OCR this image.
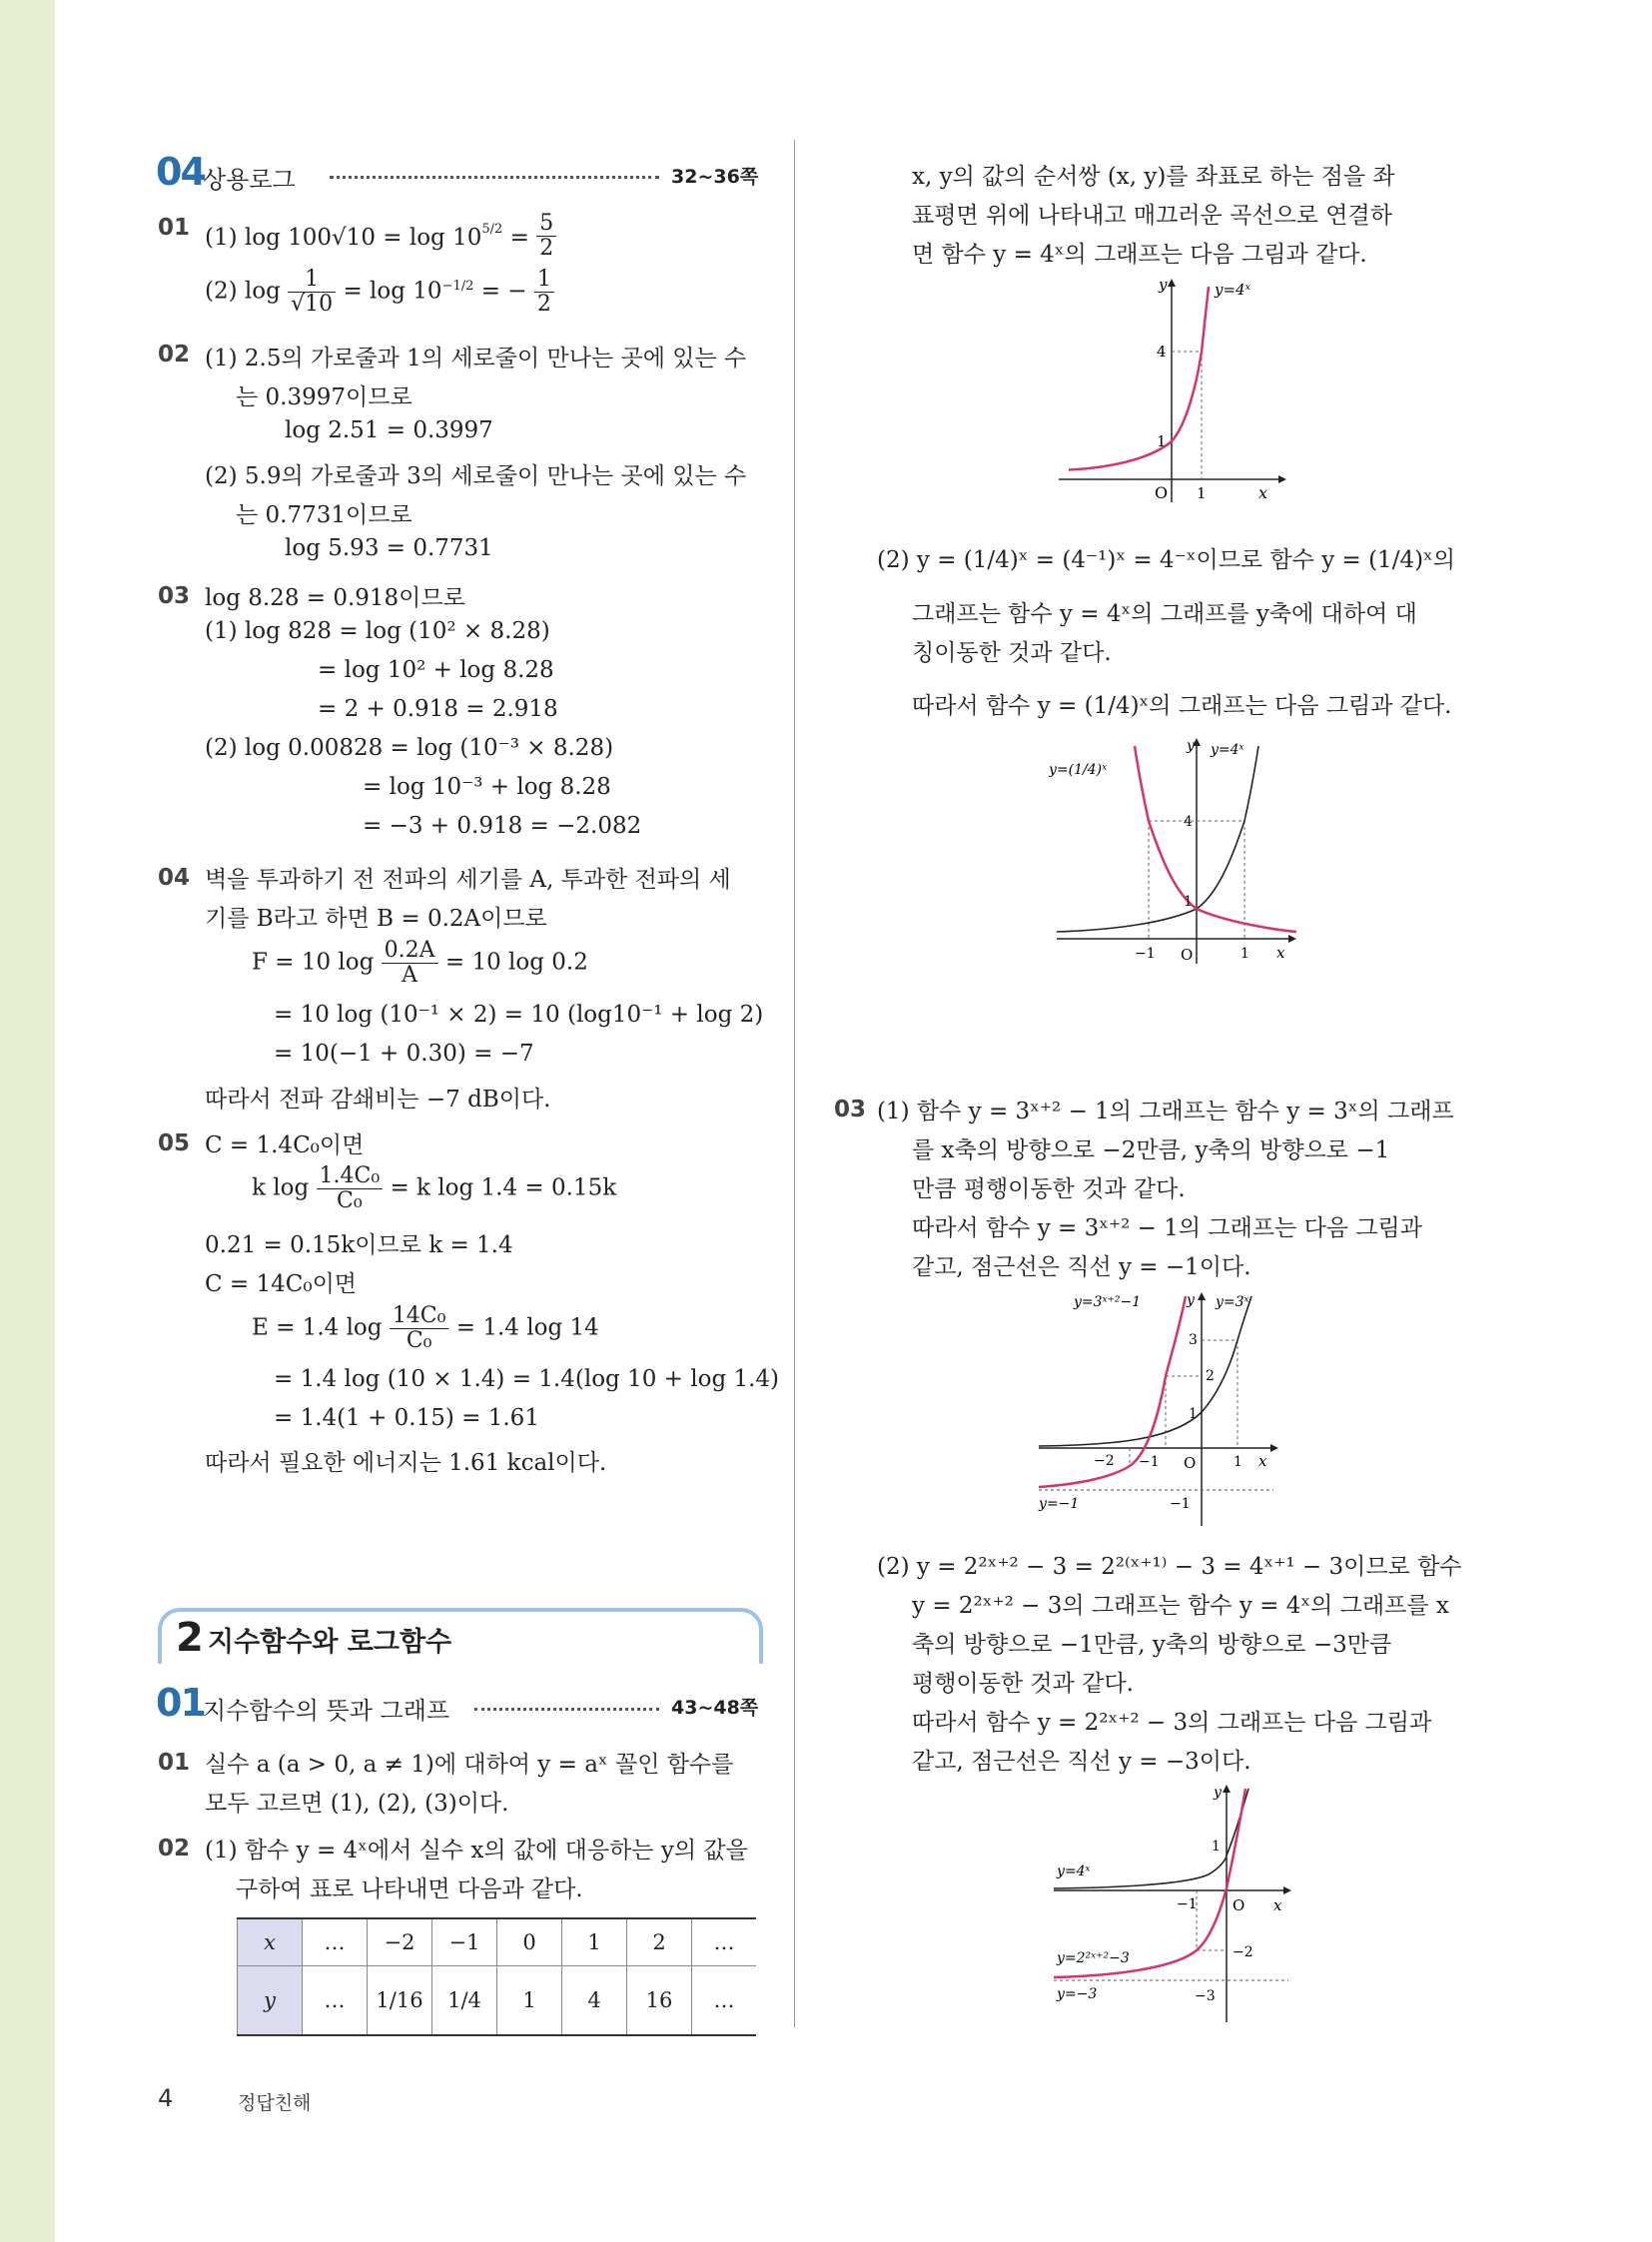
04
상용로그	32~36쪽
01 (1) $\log 100√10 = \log 10^{5/2} = \frac{5}{2}$
(2) $\log \frac{1}{√10} = \log 10^{-1/2}$ = − $\frac{1}{2}$
02 (1) 2.5의 가로줄과 1의 세로줄이 만나는 곳에 있는 수
는 0.3997이므로
log 2.51 = 0.3997
(2) 5.9의 가로줄과 3의 세로줄이 만나는 곳에 있는 수
는 0.7731이므로
log 5.93 = 0.7731
03 log 8.28 = 0.918이므로
(1) log 828 = log (10² × 8.28)
= log 10² + log 8.28
= 2 + 0.918 = 2.918
(2) log 0.00828 = log (10⁻³ × 8.28)
= log 10⁻³ + log 8.28
= −3 + 0.918 = −2.082
04 벽을 투과하기 전 전파의 세기를 A, 투과한 전파의 세
기를 B라고 하면 B = 0.2A이므로
F = 10 $\log \frac{0.2A}{A} = 10$ log 0.2
= 10 log (10⁻¹ × 2) = 10 (log10⁻¹ + log 2)
= 10(−1 + 0.30) = −7
따라서 전파 감쇄비는 −7 dB이다.
05 C = 1.4C₀이면
k $\log \frac{\text{1.4C₀}}{\text{C₀}} = k$ log 1.4 = 0.15k
0.21 = 0.15k이므로 k = 1.4
C = 14C₀이면
E = 1.4 $\log \frac{\text{14C₀}}{\text{C₀}} = 1.4$ log 14
= 1.4 log (10 × 1.4) = 1.4(log 10 + log 1.4)
= 1.4(1 + 0.15) = 1.61
따라서 필요한 에너지는 1.61 kcal이다.
2 지수함수와 로그함수
01
지수함수의 뜻과 그래프	43~48쪽
01 실수 a (a > 0, a ≠ 1)에 대하여 y = aˣ 꼴인 함수를
모두 고르면 (1), (2), (3)이다.
02 (1) 함수 y = 4ˣ에서 실수 x의 값에 대응하는 y의 값을
구하여 표로 나타내면 다음과 같다.
x	…	−2	−1	0	1	2	…
y	…	1/16	1/4	1	4	16	…
4	정답친해
x, y의 값의 순서쌍 (x, y)를 좌표로 하는 점을 좌
표평면 위에 나타내고 매끄러운 곡선으로 연결하
면 함수 y = 4ˣ의 그래프는 다음 그림과 같다.
y	y=4ˣ
4
1
O 1	x
(2) y = (1/4)ˣ = (4⁻¹)ˣ = 4⁻ˣ이므로 함수 y = (1/4)ˣ의
그래프는 함수 y = 4ˣ의 그래프를 y축에 대하여 대
칭이동한 것과 같다.
따라서 함수 y = (1/4)ˣ의 그래프는 다음 그림과 같다.
y=(1/4)ˣ
y y=4ˣ
4
1
−1 O	1 x
03 (1) 함수 y = 3ˣ⁺² − 1의 그래프는 함수 y = 3ˣ의 그래프
를 x축의 방향으로 −2만큼, y축의 방향으로 −1
만큼 평행이동한 것과 같다.
따라서 함수 y = 3ˣ⁺² − 1의 그래프는 다음 그림과
같고, 점근선은 직선 y = −1이다.
y=3ˣ⁺²−1	y y=3ˣ
3
2
1
−2 −1 O	1 x
y=−1	−1
(2) y = 2²ˣ⁺² − 3 = 2²⁽ˣ⁺¹⁾ − 3 = 4ˣ⁺¹ − 3이므로 함수
y = 2²ˣ⁺² − 3의 그래프는 함수 y = 4ˣ의 그래프를 x
축의 방향으로 −1만큼, y축의 방향으로 −3만큼
평행이동한 것과 같다.
따라서 함수 y = 2²ˣ⁺² − 3의 그래프는 다음 그림과
같고, 점근선은 직선 y = −3이다.
y
1
y=4ˣ
−1 O x
−2
y=2²ˣ⁺²−3
y=−3	−3
